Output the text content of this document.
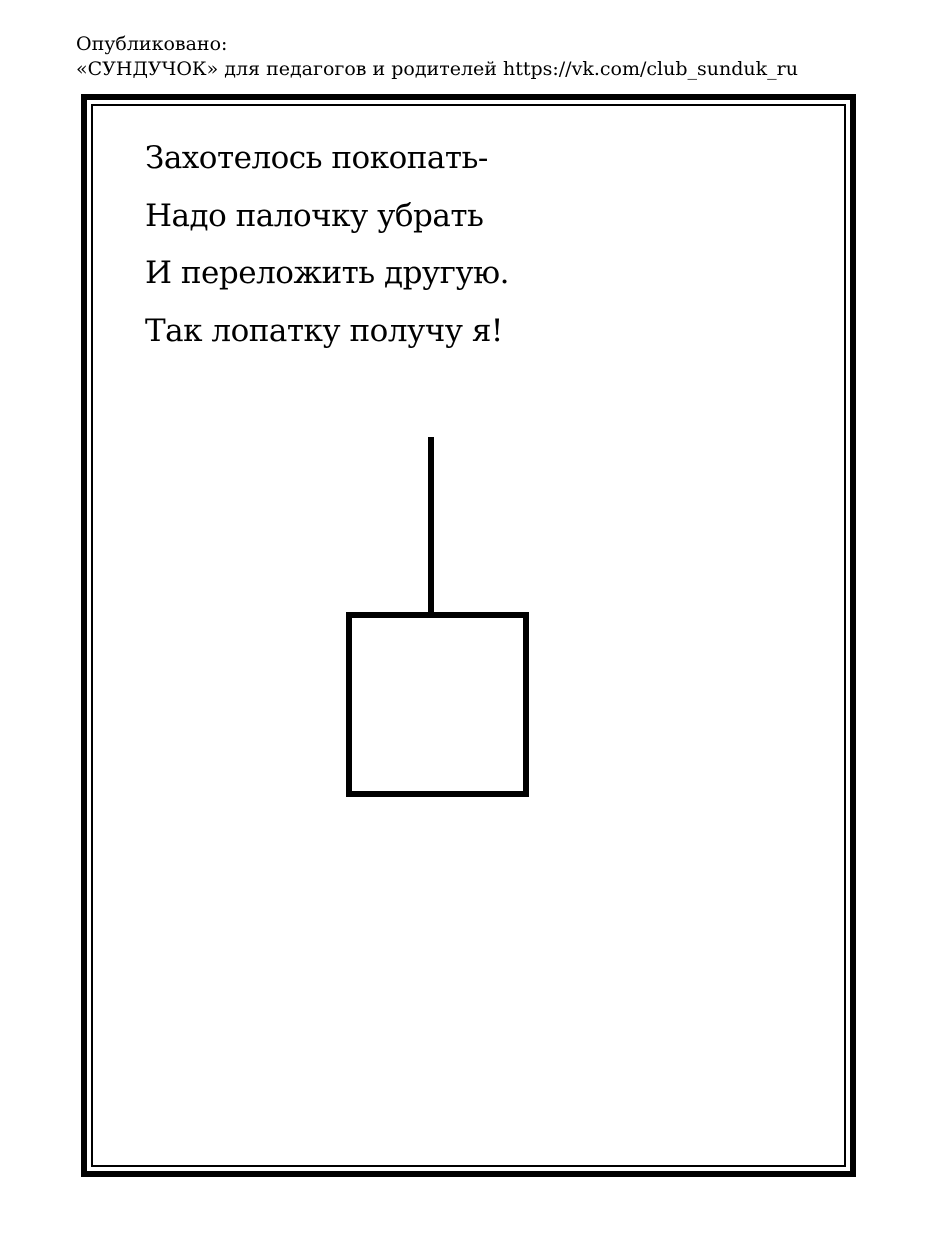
Опубликовано:
«СУНДУЧОК» для педагогов и родителей https://vk.com/club_sunduk_ru
Захотелось покопать-
Надо палочку убрать
И переложить другую.
Так лопатку получу я!
